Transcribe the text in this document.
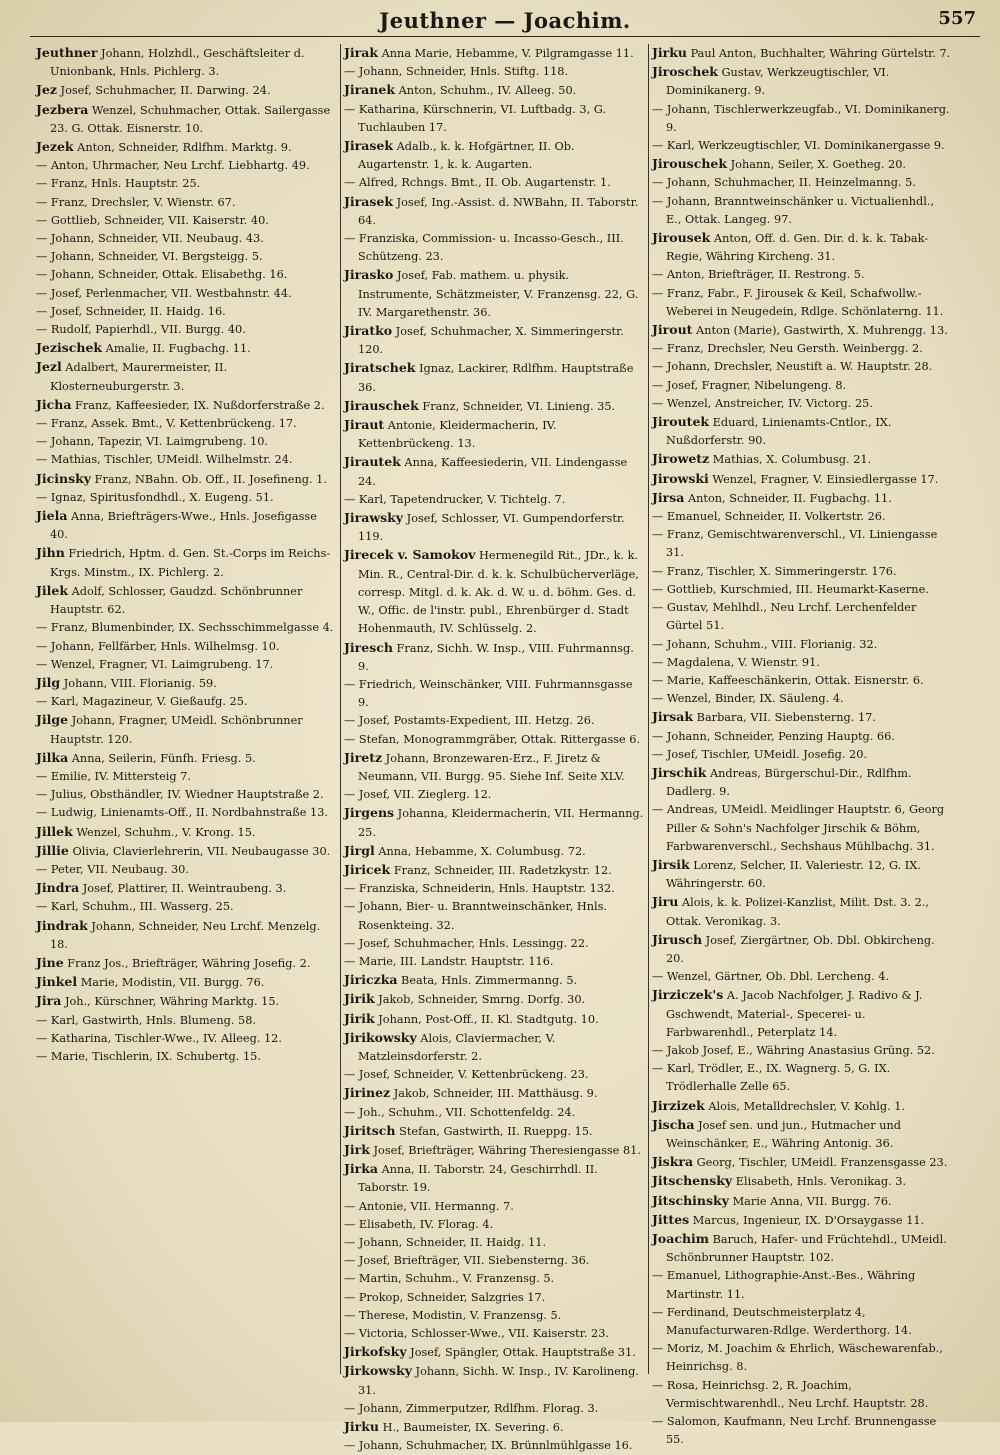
Jeuthner — Joachim.	557

Jeuthner Johann, Holzhdl., Geschäftsleiter d. Unionbank, Hnls. Pichlerg. 3.

Jez Josef, Schuhmacher, II. Darwing. 24.

Jezbera Wenzel, Schuhmacher, Ottak. Sailergasse 23. G. Ottak. Eisnerstr. 10.

Jezek Anton, Schneider, Rdlfhm. Marktg. 9.

— Anton, Uhrmacher, Neu Lrchf. Liebhartg. 49.

— Franz, Hnls. Hauptstr. 25.

— Franz, Drechsler, V. Wienstr. 67.

— Gottlieb, Schneider, VII. Kaiserstr. 40.

— Johann, Schneider, VII. Neubaug. 43.

— Johann, Schneider, VI. Bergsteigg. 5.

— Johann, Schneider, Ottak. Elisabethg. 16.

— Josef, Perlenmacher, VII. Westbahnstr. 44.

— Josef, Schneider, II. Haidg. 16.

— Rudolf, Papierhdl., VII. Burgg. 40.

Jezischek Amalie, II. Fugbachg. 11.

Jezl Adalbert, Maurermeister, II. Klosterneuburgerstr. 3.

Jicha Franz, Kaffeesieder, IX. Nußdorferstraße 2.

— Franz, Assek. Bmt., V. Kettenbrückeng. 17.

— Johann, Tapezir, VI. Laimgrubeng. 10.

— Mathias, Tischler, UMeidl. Wilhelmstr. 24.

Jicinsky Franz, NBahn. Ob. Off., II. Josefineng. 1.

— Ignaz, Spiritusfondhdl., X. Eugeng. 51.

Jiela Anna, Briefträgers-Wwe., Hnls. Josefigasse 40.

Jihn Friedrich, Hptm. d. Gen. St.-Corps im Reichs-Krgs. Minstm., IX. Pichlerg. 2.

Jilek Adolf, Schlosser, Gaudzd. Schönbrunner Hauptstr. 62.

— Franz, Blumenbinder, IX. Sechsschimmelgasse 4.

— Johann, Fellfärber, Hnls. Wilhelmsg. 10.

— Wenzel, Fragner, VI. Laimgrubeng. 17.

Jilg Johann, VIII. Florianig. 59.

— Karl, Magazineur, V. Gießaufg. 25.

Jilge Johann, Fragner, UMeidl. Schönbrunner Hauptstr. 120.

Jilka Anna, Seilerin, Fünfh. Friesg. 5.

— Emilie, IV. Mittersteig 7.

— Julius, Obsthändler, IV. Wiedner Hauptstraße 2.

— Ludwig, Linienamts-Off., II. Nordbahnstraße 13.

Jillek Wenzel, Schuhm., V. Krong. 15.

Jillie Olivia, Clavierlehrerin, VII. Neubaugasse 30.

— Peter, VII. Neubaug. 30.

Jindra Josef, Plattirer, II. Weintraubeng. 3.

— Karl, Schuhm., III. Wasserg. 25.

Jindrak Johann, Schneider, Neu Lrchf. Menzelg. 18.

Jine Franz Jos., Briefträger, Währing Josefig. 2.

Jinkel Marie, Modistin, VII. Burgg. 76.

Jira Joh., Kürschner, Währing Marktg. 15.

— Karl, Gastwirth, Hnls. Blumeng. 58.

— Katharina, Tischler-Wwe., IV. Alleeg. 12.

— Marie, Tischlerin, IX. Schubertg. 15.

Jirak Anna Marie, Hebamme, V. Pilgramgasse 11.

— Johann, Schneider, Hnls. Stiftg. 118.

Jiranek Anton, Schuhm., IV. Alleeg. 50.

— Katharina, Kürschnerin, VI. Luftbadg. 3, G. Tuchlauben 17.

Jirasek Adalb., k. k. Hofgärtner, II. Ob. Augartenstr. 1, k. k. Augarten.

— Alfred, Rchngs. Bmt., II. Ob. Augartenstr. 1.

Jirasek Josef, Ing.-Assist. d. NWBahn, II. Taborstr. 64.

— Franziska, Commission- u. Incasso-Gesch., III. Schützeng. 23.

Jirasko Josef, Fab. mathem. u. physik. Instrumente, Schätzmeister, V. Franzensg. 22, G. IV. Margarethenstr. 36.

Jiratko Josef, Schuhmacher, X. Simmeringerstr. 120.

Jiratschek Ignaz, Lackirer, Rdlfhm. Hauptstraße 36.

Jirauschek Franz, Schneider, VI. Linieng. 35.

Jiraut Antonie, Kleidermacherin, IV. Kettenbrückeng. 13.

Jirautek Anna, Kaffeesiederin, VII. Lindengasse 24.

— Karl, Tapetendrucker, V. Tichtelg. 7.

Jirawsky Josef, Schlosser, VI. Gumpendorferstr. 119.

Jirecek v. Samokov Hermenegild Rit., JDr., k. k. Min. R., Central-Dir. d. k. k. Schulbücherverläge, corresp. Mitgl. d. k. Ak. d. W. u. d. böhm. Ges. d. W., Offic. de l'instr. publ., Ehrenbürger d. Stadt Hohenmauth, IV. Schlüsselg. 2.

Jiresch Franz, Sichh. W. Insp., VIII. Fuhrmannsg. 9.

— Friedrich, Weinschänker, VIII. Fuhrmannsgasse 9.

— Josef, Postamts-Expedient, III. Hetzg. 26.

— Stefan, Monogrammgräber, Ottak. Rittergasse 6.

Jiretz Johann, Bronzewaren-Erz., F. Jiretz & Neumann, VII. Burgg. 95. Siehe Inf. Seite XLV.

— Josef, VII. Zieglerg. 12.

Jirgens Johanna, Kleidermacherin, VII. Hermanng. 25.

Jirgl Anna, Hebamme, X. Columbusg. 72.

Jiricek Franz, Schneider, III. Radetzkystr. 12.

— Franziska, Schneiderin, Hnls. Hauptstr. 132.

— Johann, Bier- u. Branntweinschänker, Hnls. Rosenkteing. 32.

— Josef, Schuhmacher, Hnls. Lessingg. 22.

— Marie, III. Landstr. Hauptstr. 116.

Jiriczka Beata, Hnls. Zimmermanng. 5.

Jirik Jakob, Schneider, Smrng. Dorfg. 30.

Jirik Johann, Post-Off., II. Kl. Stadtgutg. 10.

Jirikowsky Alois, Claviermacher, V. Matzleinsdorferstr. 2.

— Josef, Schneider, V. Kettenbrückeng. 23.

Jirinez Jakob, Schneider, III. Matthäusg. 9.

— Joh., Schuhm., VII. Schottenfeldg. 24.

Jiritsch Stefan, Gastwirth, II. Rueppg. 15.

Jirk Josef, Briefträger, Währing Theresiengasse 81.

Jirka Anna, II. Taborstr. 24, Geschirrhdl. II. Taborstr. 19.

— Antonie, VII. Hermanng. 7.

— Elisabeth, IV. Florag. 4.

— Johann, Schneider, II. Haidg. 11.

— Josef, Briefträger, VII. Siebensterng. 36.

— Martin, Schuhm., V. Franzensg. 5.

— Prokop, Schneider, Salzgries 17.

— Therese, Modistin, V. Franzensg. 5.

— Victoria, Schlosser-Wwe., VII. Kaiserstr. 23.

Jirkofsky Josef, Spängler, Ottak. Hauptstraße 31.

Jirkowsky Johann, Sichh. W. Insp., IV. Karolineng. 31.

— Johann, Zimmerputzer, Rdlfhm. Florag. 3.

Jirku H., Baumeister, IX. Severing. 6.

— Johann, Schuhmacher, IX. Brünnlmühlgasse 16.

Jirku Paul Anton, Buchhalter, Währing Gürtelstr. 7.

Jiroschek Gustav, Werkzeugtischler, VI. Dominikanerg. 9.

— Johann, Tischlerwerkzeugfab., VI. Dominikanerg. 9.

— Karl, Werkzeugtischler, VI. Dominikanergasse 9.

Jirouschek Johann, Seiler, X. Goetheg. 20.

— Johann, Schuhmacher, II. Heinzelmanng. 5.

— Johann, Branntweinschänker u. Victualienhdl., E., Ottak. Langeg. 97.

Jirousek Anton, Off. d. Gen. Dir. d. k. k. Tabak-Regie, Währing Kircheng. 31.

— Anton, Briefträger, II. Restrong. 5.

— Franz, Fabr., F. Jirousek & Keil, Schafwollw.-Weberei in Neugedein, Rdlge. Schönlaterng. 11.

Jirout Anton (Marie), Gastwirth, X. Muhrengg. 13.

— Franz, Drechsler, Neu Gersth. Weinbergg. 2.

— Johann, Drechsler, Neustift a. W. Hauptstr. 28.

— Josef, Fragner, Nibelungeng. 8.

— Wenzel, Anstreicher, IV. Victorg. 25.

Jiroutek Eduard, Linienamts-Cntlor., IX. Nußdorferstr. 90.

Jirowetz Mathias, X. Columbusg. 21.

Jirowski Wenzel, Fragner, V. Einsiedlergasse 17.

Jirsa Anton, Schneider, II. Fugbachg. 11.

— Emanuel, Schneider, II. Volkertstr. 26.

— Franz, Gemischtwarenverschl., VI. Liniengasse 31.

— Franz, Tischler, X. Simmeringerstr. 176.

— Gottlieb, Kurschmied, III. Heumarkt-Kaserne.

— Gustav, Mehlhdl., Neu Lrchf. Lerchenfelder Gürtel 51.

— Johann, Schuhm., VIII. Florianig. 32.

— Magdalena, V. Wienstr. 91.

— Marie, Kaffeeschänkerin, Ottak. Eisnerstr. 6.

— Wenzel, Binder, IX. Säuleng. 4.

Jirsak Barbara, VII. Siebensterng. 17.

— Johann, Schneider, Penzing Hauptg. 66.

— Josef, Tischler, UMeidl. Josefig. 20.

Jirschik Andreas, Bürgerschul-Dir., Rdlfhm. Dadlerg. 9.

— Andreas, UMeidl. Meidlinger Hauptstr. 6, Georg Piller & Sohn's Nachfolger Jirschik & Böhm, Farbwarenverschl., Sechshaus Mühlbachg. 31.

Jirsik Lorenz, Selcher, II. Valeriestr. 12, G. IX. Währingerstr. 60.

Jiru Alois, k. k. Polizei-Kanzlist, Milit. Dst. 3. 2., Ottak. Veronikag. 3.

Jirusch Josef, Ziergärtner, Ob. Dbl. Obkircheng. 20.

— Wenzel, Gärtner, Ob. Dbl. Lercheng. 4.

Jirziczek's A. Jacob Nachfolger, J. Radivo & J. Gschwendt, Material-, Specerei- u. Farbwarenhdl., Peterplatz 14.

— Jakob Josef, E., Währing Anastasius Grüng. 52.

— Karl, Trödler, E., IX. Wagnerg. 5, G. IX. Trödlerhalle Zelle 65.

Jirzizek Alois, Metalldrechsler, V. Kohlg. 1.

Jischa Josef sen. und jun., Hutmacher und Weinschänker, E., Währing Antonig. 36.

Jiskra Georg, Tischler, UMeidl. Franzensgasse 23.

Jitschensky Elisabeth, Hnls. Veronikag. 3.

Jitschinsky Marie Anna, VII. Burgg. 76.

Jittes Marcus, Ingenieur, IX. D'Orsaygasse 11.

Joachim Baruch, Hafer- und Früchtehdl., UMeidl. Schönbrunner Hauptstr. 102.

— Emanuel, Lithographie-Anst.-Bes., Währing Martinstr. 11.

— Ferdinand, Deutschmeisterplatz 4, Manufacturwaren-Rdlge. Werderthorg. 14.

— Moriz, M. Joachim & Ehrlich, Wäschewarenfab., Heinrichsg. 8.

— Rosa, Heinrichsg. 2, R. Joachim, Vermischtwarenhdl., Neu Lrchf. Hauptstr. 28.

— Salomon, Kaufmann, Neu Lrchf. Brunnengasse 55.
